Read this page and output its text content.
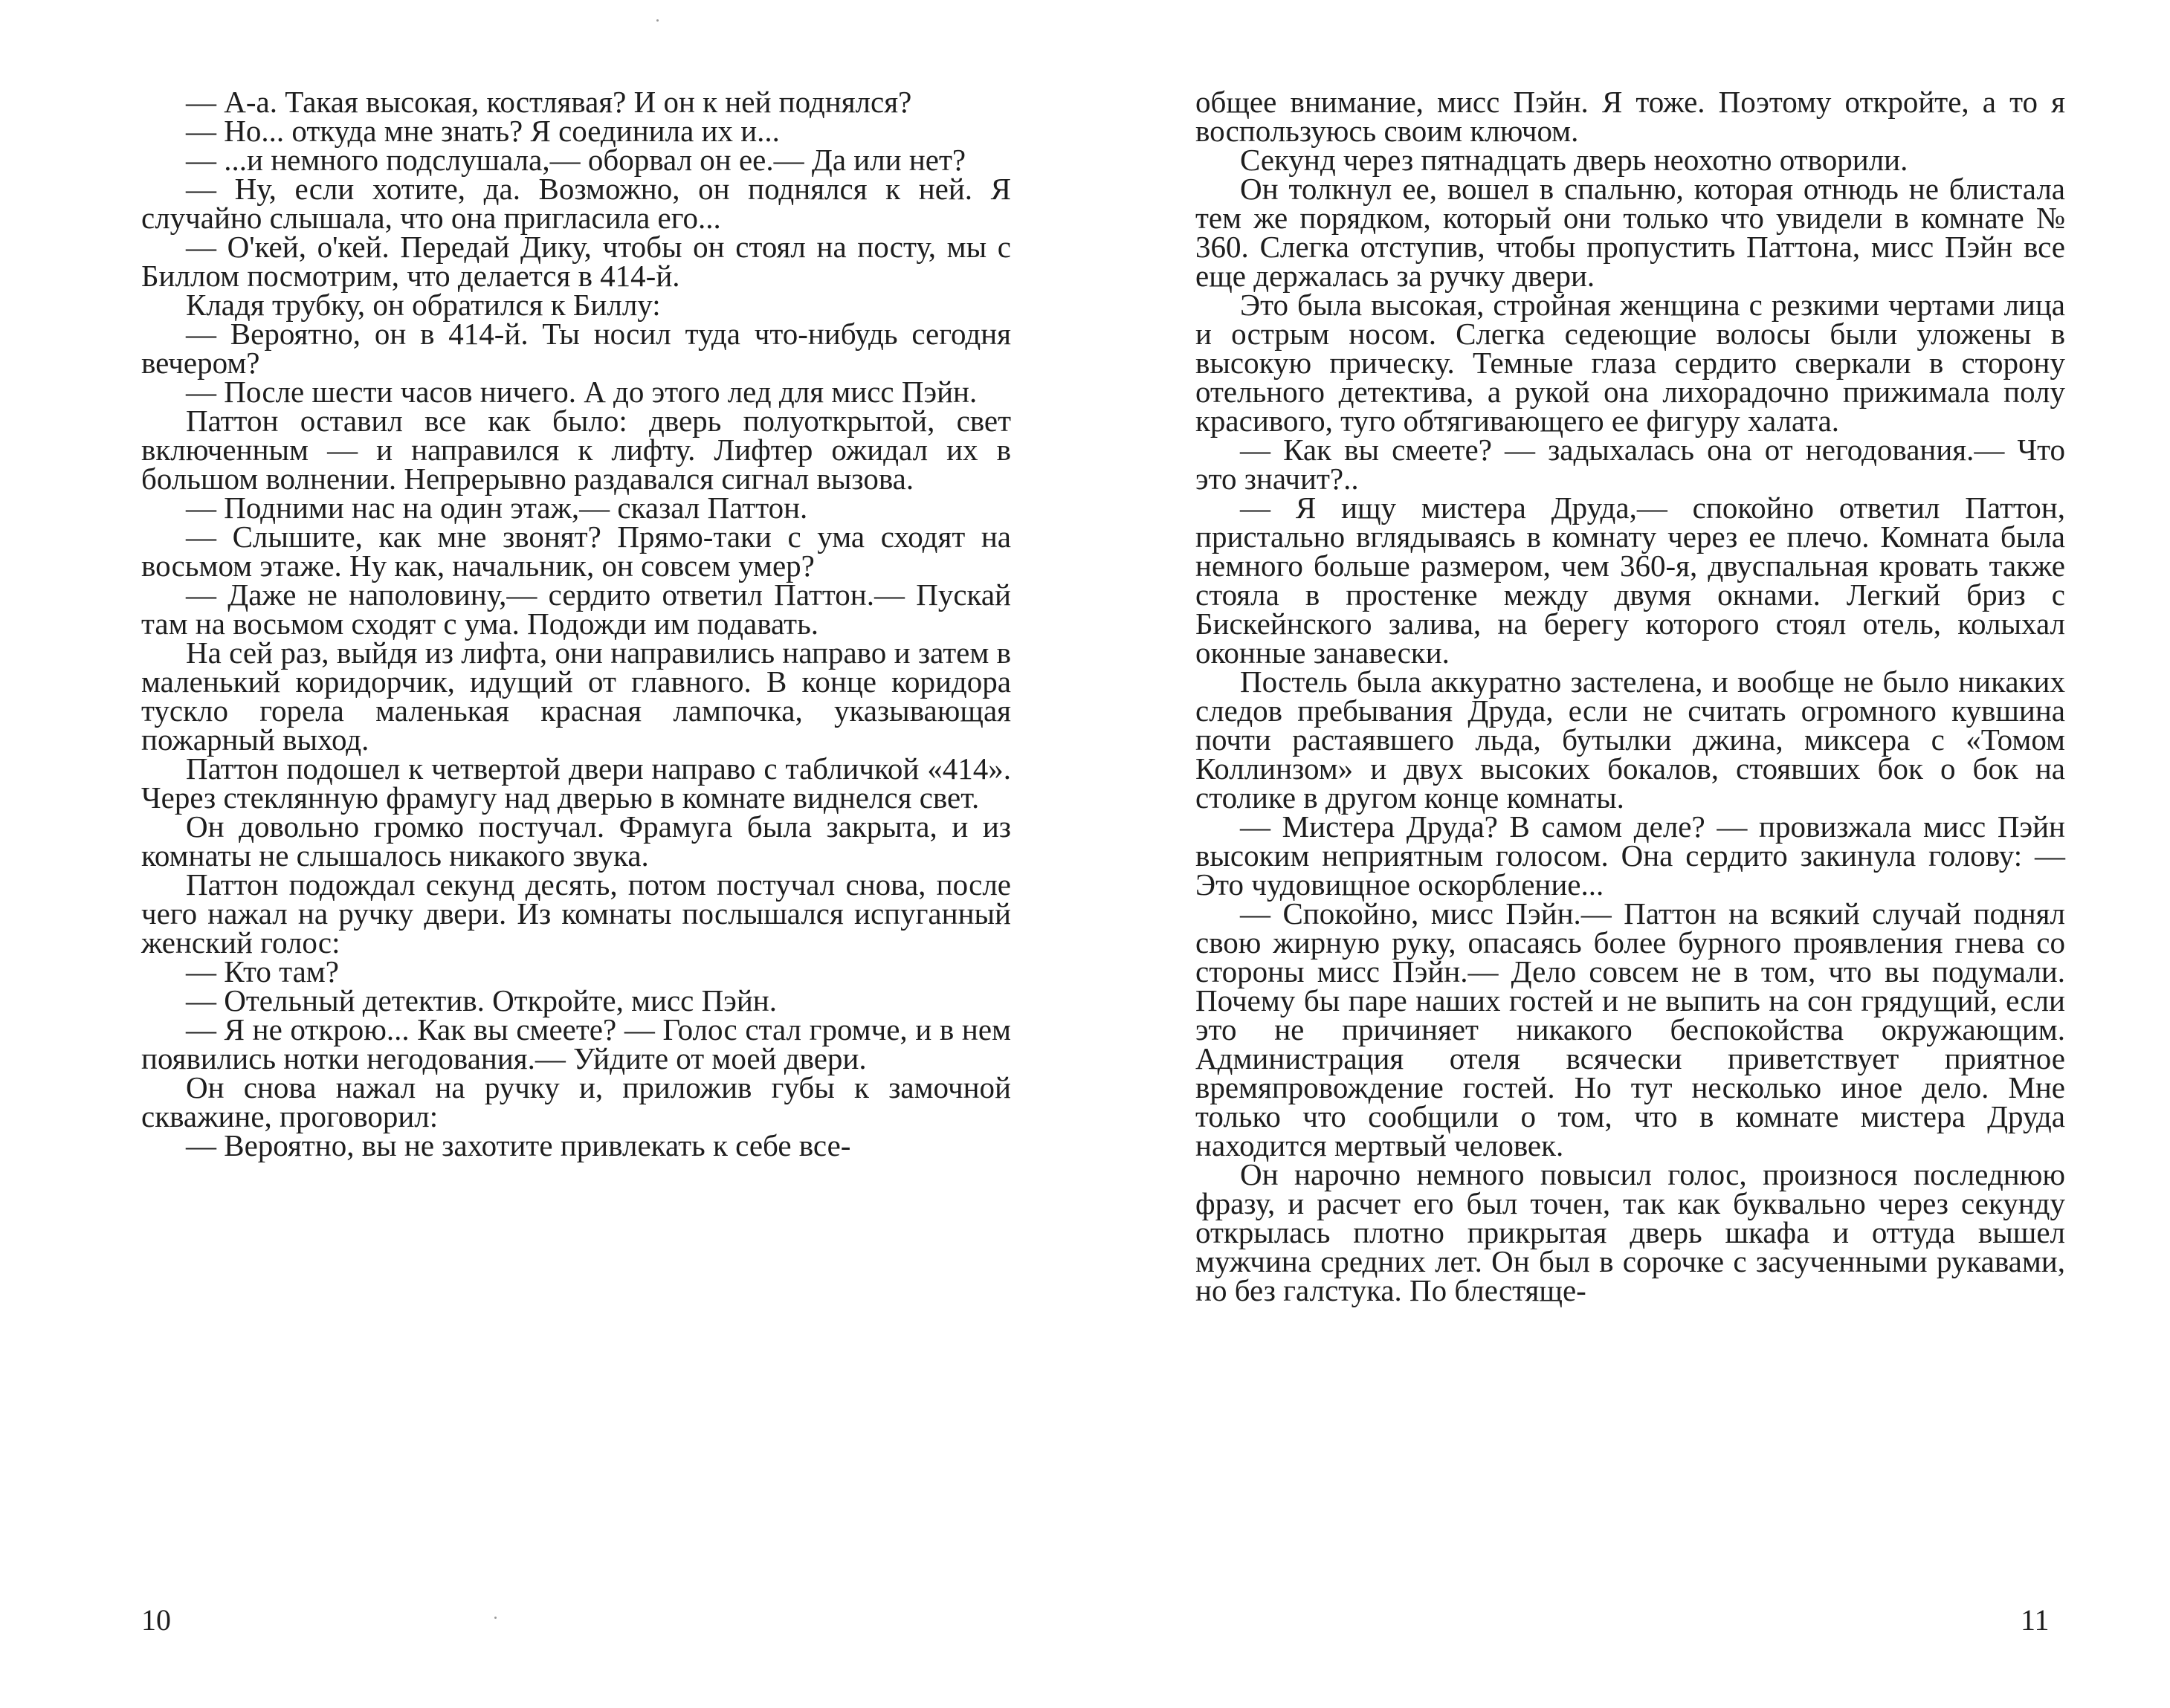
— А-а. Такая высокая, костлявая? И он к ней поднялся?

— Но... откуда мне знать? Я соединила их и...

— ...и немного подслушала,— оборвал он ее.— Да или нет?

— Ну, если хотите, да. Возможно, он поднялся к ней. Я случайно слышала, что она пригласила его...

— О'кей, о'кей. Передай Дику, чтобы он стоял на посту, мы с Биллом посмотрим, что делается в 414-й.

Кладя трубку, он обратился к Биллу:

— Вероятно, он в 414-й. Ты носил туда что-нибудь сегодня вечером?

— После шести часов ничего. А до этого лед для мисс Пэйн.

Паттон оставил все как было: дверь полуоткрытой, свет включенным — и направился к лифту. Лифтер ожидал их в большом волнении. Непрерывно раздавался сигнал вызова.

— Подними нас на один этаж,— сказал Паттон.

— Слышите, как мне звонят? Прямо-таки с ума сходят на восьмом этаже. Ну как, начальник, он совсем умер?

— Даже не наполовину,— сердито ответил Паттон.— Пускай там на восьмом сходят с ума. Подожди им подавать.

На сей раз, выйдя из лифта, они направились направо и затем в маленький коридорчик, идущий от главного. В конце коридора тускло горела маленькая красная лампочка, указывающая пожарный выход.

Паттон подошел к четвертой двери направо с табличкой «414». Через стеклянную фрамугу над дверью в комнате виднелся свет.

Он довольно громко постучал. Фрамуга была закрыта, и из комнаты не слышалось никакого звука.

Паттон подождал секунд десять, потом постучал снова, после чего нажал на ручку двери. Из комнаты послышался испуганный женский голос:

— Кто там?

— Отельный детектив. Откройте, мисс Пэйн.

— Я не открою... Как вы смеете? — Голос стал громче, и в нем появились нотки негодования.— Уйдите от моей двери.

Он снова нажал на ручку и, приложив губы к замочной скважине, проговорил:

— Вероятно, вы не захотите привлекать к себе все-

10

общее внимание, мисс Пэйн. Я тоже. Поэтому откройте, а то я воспользуюсь своим ключом.

Секунд через пятнадцать дверь неохотно отворили.

Он толкнул ее, вошел в спальню, которая отнюдь не блистала тем же порядком, который они только что увидели в комнате № 360. Слегка отступив, чтобы пропустить Паттона, мисс Пэйн все еще держалась за ручку двери.

Это была высокая, стройная женщина с резкими чертами лица и острым носом. Слегка седеющие волосы были уложены в высокую прическу. Темные глаза сердито сверкали в сторону отельного детектива, а рукой она лихорадочно прижимала полу красивого, туго обтягивающего ее фигуру халата.

— Как вы смеете? — задыхалась она от негодования.— Что это значит?..

— Я ищу мистера Друда,— спокойно ответил Паттон, пристально вглядываясь в комнату через ее плечо. Комната была немного больше размером, чем 360-я, двуспальная кровать также стояла в простенке между двумя окнами. Легкий бриз с Бискейнского залива, на берегу которого стоял отель, колыхал оконные занавески.

Постель была аккуратно застелена, и вообще не было никаких следов пребывания Друда, если не считать огромного кувшина почти растаявшего льда, бутылки джина, миксера с «Томом Коллинзом» и двух высоких бокалов, стоявших бок о бок на столике в другом конце комнаты.

— Мистера Друда? В самом деле? — провизжала мисс Пэйн высоким неприятным голосом. Она сердито закинула голову: — Это чудовищное оскорбление...

— Спокойно, мисс Пэйн.— Паттон на всякий случай поднял свою жирную руку, опасаясь более бурного проявления гнева со стороны мисс Пэйн.— Дело совсем не в том, что вы подумали. Почему бы паре наших гостей и не выпить на сон грядущий, если это не причиняет никакого беспокойства окружающим. Администрация отеля всячески приветствует приятное времяпровождение гостей. Но тут несколько иное дело. Мне только что сообщили о том, что в комнате мистера Друда находится мертвый человек.

Он нарочно немного повысил голос, произнося последнюю фразу, и расчет его был точен, так как буквально через секунду открылась плотно прикрытая дверь шкафа и оттуда вышел мужчина средних лет. Он был в сорочке с засученными рукавами, но без галстука. По блестяще-

11
